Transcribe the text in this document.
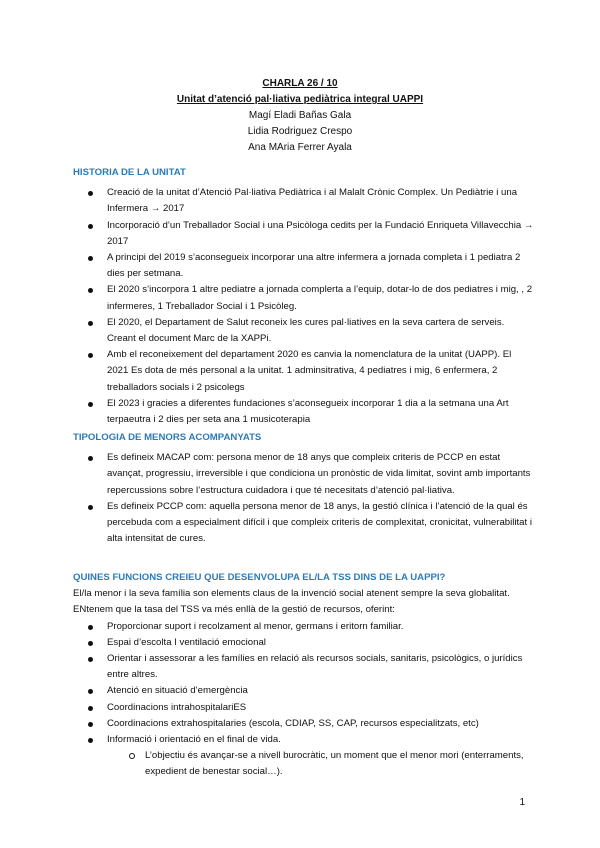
CHARLA 26 / 10
Unitat d’atenció pal·liativa pediàtrica integral UAPPI
Magí Eladi Bañas Gala
Lidia Rodriguez Crespo
Ana MAria Ferrer Ayala
HISTORIA DE LA UNITAT
Creació de la unitat d’Atenció Pal·liativa Pediàtrica i al Malalt Crònic Complex. Un Pediàtrie i una Infermera → 2017
Incorporació d’un Treballador Social i una Psicòloga cedits per la Fundació Enriqueta Villavecchia → 2017
A principi del 2019 s’aconsegueix incorporar una altre infermera a jornada completa i 1 pediatra 2 dies per setmana.
El 2020 s’incorpora 1 altre pediatre a jornada complerta a l’equip, dotar-lo de dos pediatres i mig, , 2 infermeres, 1 Treballador Social i 1 Psicòleg.
El 2020, el Departament de Salut reconeix les cures pal·liatives en la seva cartera de serveis. Creant el document Marc de la XAPPi.
Amb el reconeixement del departament 2020 es canvia la nomenclatura de la unitat (UAPP). El 2021 Es dota de més personal a la unitat. 1 adminsitrativa, 4 pediatres i mig, 6 enfermera, 2 treballadors socials i 2 psicolegs
El 2023 i gracies a diferentes fundaciones s’aconsegueix incorporar 1 dia a la setmana una Art terpaeutra i 2 dies per seta ana 1 musicoterapia
TIPOLOGIA DE MENORS ACOMPANYATS
Es defineix MACAP com: persona menor de 18 anys que compleix criteris de PCCP en estat avançat, progressiu, irreversible i que condiciona un pronòstic de vida limitat, sovint amb importants repercussions sobre l’estructura cuidadora i que té necesitats d’atenció pal·liativa.
Es defineix PCCP com: aquella persona menor de 18 anys, la gestió clínica i l’atenció de la qual és percebuda com a especialment difícil i que compleix criteris de complexitat, cronicitat, vulnerabilitat i alta intensitat de cures.
QUINES FUNCIONS CREIEU QUE DESENVOLUPA EL/LA TSS DINS DE LA UAPPI?

El/la menor i la seva família son elements claus de la invenció social atenent sempre la seva globalitat. ENtenem que la tasa del TSS va més enllà de la gestió de recursos, oferint:

Proporcionar suport i recolzament al menor, germans i eritorn familiar.
Espai d’escolta I ventilació emocional
Orientar i assessorar a les famílies en relació als recursos socials, sanitaris, psicològics, o jurídics entre altres.
Atenció en situació d’emergència
Coordinacions intrahospitalariES
Coordinacions extrahospitalaries (escola, CDIAP, SS, CAP, recursos especialitzats, etc)
Informació i orientació en el final de vida.
L’objectiu és avançar-se a nivell burocràtic, un moment que el menor mori (enterraments, expedient de benestar social…).
1
